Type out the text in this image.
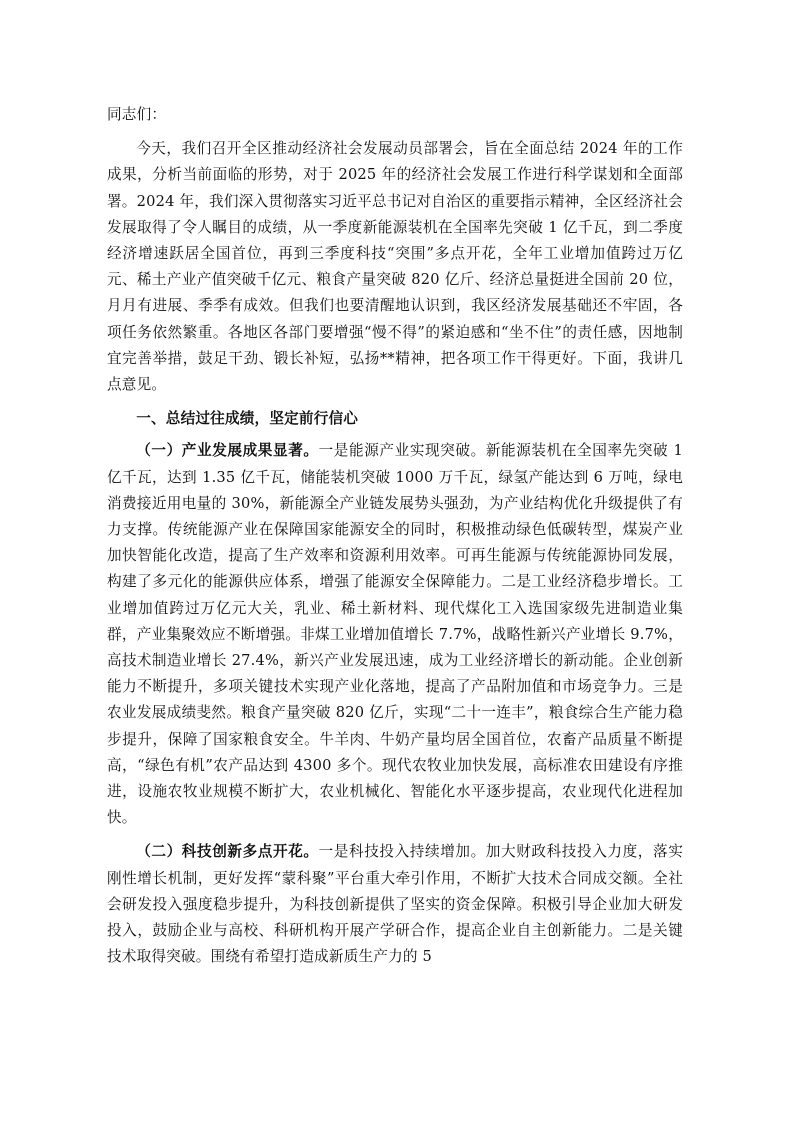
同志们：

今天，我们召开全区推动经济社会发展动员部署会，旨在全面总结 2024 年的工作成果，分析当前面临的形势，对于 2025 年的经济社会发展工作进行科学谋划和全面部署。2024 年，我们深入贯彻落实习近平总书记对自治区的重要指示精神，全区经济社会发展取得了令人瞩目的成绩，从一季度新能源装机在全国率先突破 1 亿千瓦，到二季度经济增速跃居全国首位，再到三季度科技“突围”多点开花，全年工业增加值跨过万亿元、稀土产业产值突破千亿元、粮食产量突破 820 亿斤、经济总量挺进全国前 20 位，月月有进展、季季有成效。但我们也要清醒地认识到，我区经济发展基础还不牢固，各项任务依然繁重。各地区各部门要增强“慢不得”的紧迫感和“坐不住”的责任感，因地制宜完善举措，鼓足干劲、锻长补短，弘扬**精神，把各项工作干得更好。下面，我讲几点意见。

一、总结过往成绩，坚定前行信心

（一）产业发展成果显著。一是能源产业实现突破。新能源装机在全国率先突破 1 亿千瓦，达到 1.35 亿千瓦，储能装机突破 1000 万千瓦，绿氢产能达到 6 万吨，绿电消费接近用电量的 30%，新能源全产业链发展势头强劲，为产业结构优化升级提供了有力支撑。传统能源产业在保障国家能源安全的同时，积极推动绿色低碳转型，煤炭产业加快智能化改造，提高了生产效率和资源利用效率。可再生能源与传统能源协同发展，构建了多元化的能源供应体系，增强了能源安全保障能力。二是工业经济稳步增长。工业增加值跨过万亿元大关，乳业、稀土新材料、现代煤化工入选国家级先进制造业集群，产业集聚效应不断增强。非煤工业增加值增长 7.7%，战略性新兴产业增长 9.7%，高技术制造业增长 27.4%，新兴产业发展迅速，成为工业经济增长的新动能。企业创新能力不断提升，多项关键技术实现产业化落地，提高了产品附加值和市场竞争力。三是农业发展成绩斐然。粮食产量突破 820 亿斤，实现“二十一连丰”，粮食综合生产能力稳步提升，保障了国家粮食安全。牛羊肉、牛奶产量均居全国首位，农畜产品质量不断提高，“绿色有机”农产品达到 4300 多个。现代农牧业加快发展，高标准农田建设有序推进，设施农牧业规模不断扩大，农业机械化、智能化水平逐步提高，农业现代化进程加快。

（二）科技创新多点开花。一是科技投入持续增加。加大财政科技投入力度，落实刚性增长机制，更好发挥“蒙科聚”平台重大牵引作用，不断扩大技术合同成交额。全社会研发投入强度稳步提升，为科技创新提供了坚实的资金保障。积极引导企业加大研发投入，鼓励企业与高校、科研机构开展产学研合作，提高企业自主创新能力。二是关键技术取得突破。围绕有希望打造成新质生产力的 5
